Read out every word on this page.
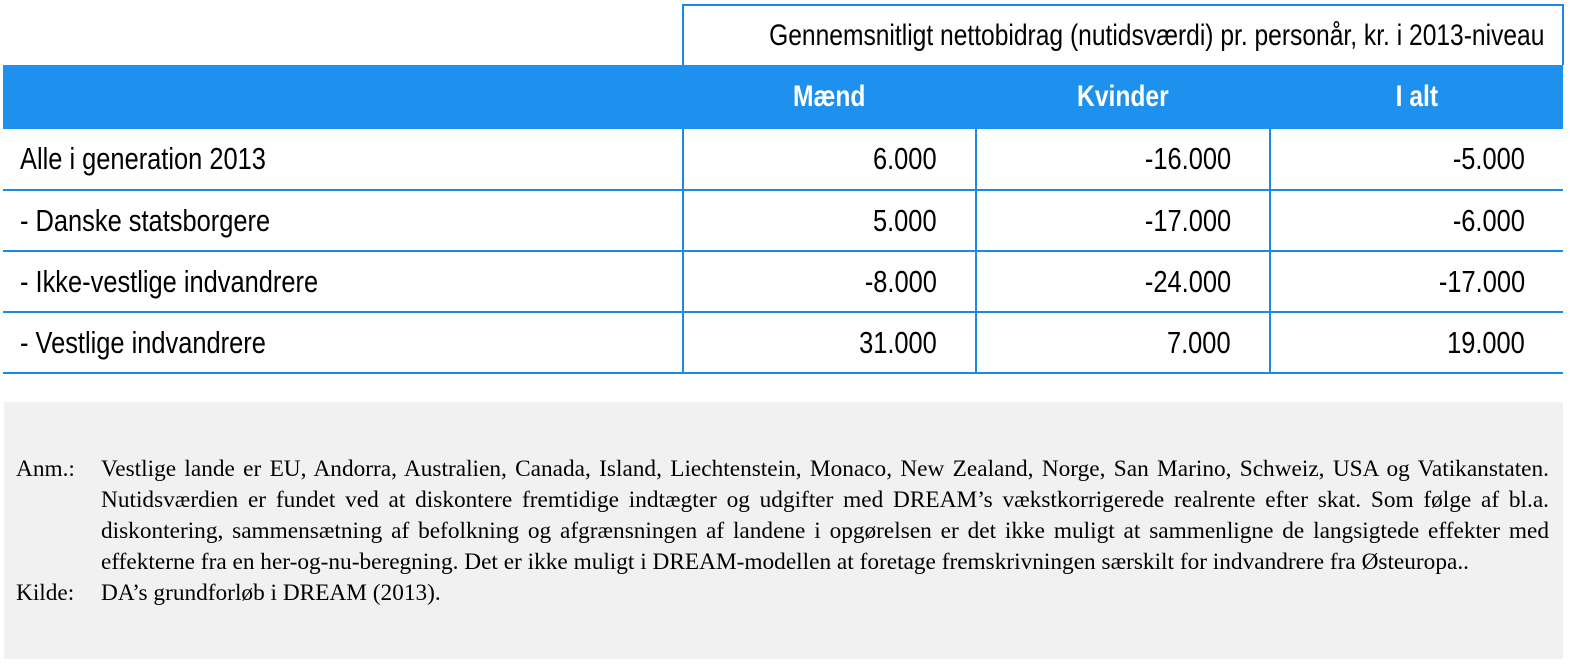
	Gennemsnitligt nettobidrag (nutidsværdi) pr. personår, kr. i 2013-niveau		
	Mænd	Kvinder	I alt
Alle i generation 2013	6.000	-16.000	-5.000
- Danske statsborgere	5.000	-17.000	-6.000
- Ikke-vestlige indvandrere	-8.000	-24.000	-17.000
- Vestlige indvandrere	31.000	7.000	19.000
Anm.:	Vestlige lande er EU, Andorra, Australien, Canada, Island, Liechtenstein, Monaco, New Zealand, Norge, San Marino, Schweiz, USA og Vatikanstaten. Nutidsværdien er fundet ved at diskontere fremtidige indtægter og udgifter med DREAM’s vækstkorrigerede realrente efter skat. Som følge af bl.a. diskontering, sammensætning af befolkning og afgrænsningen af landene i opgørelsen er det ikke muligt at sammenligne de langsigtede effekter med effekterne fra en her-og-nu-beregning. Det er ikke muligt i DREAM-modellen at foretage fremskrivningen særskilt for indvandrere fra Østeuropa..
Kilde:	DA’s grundforløb i DREAM (2013).
